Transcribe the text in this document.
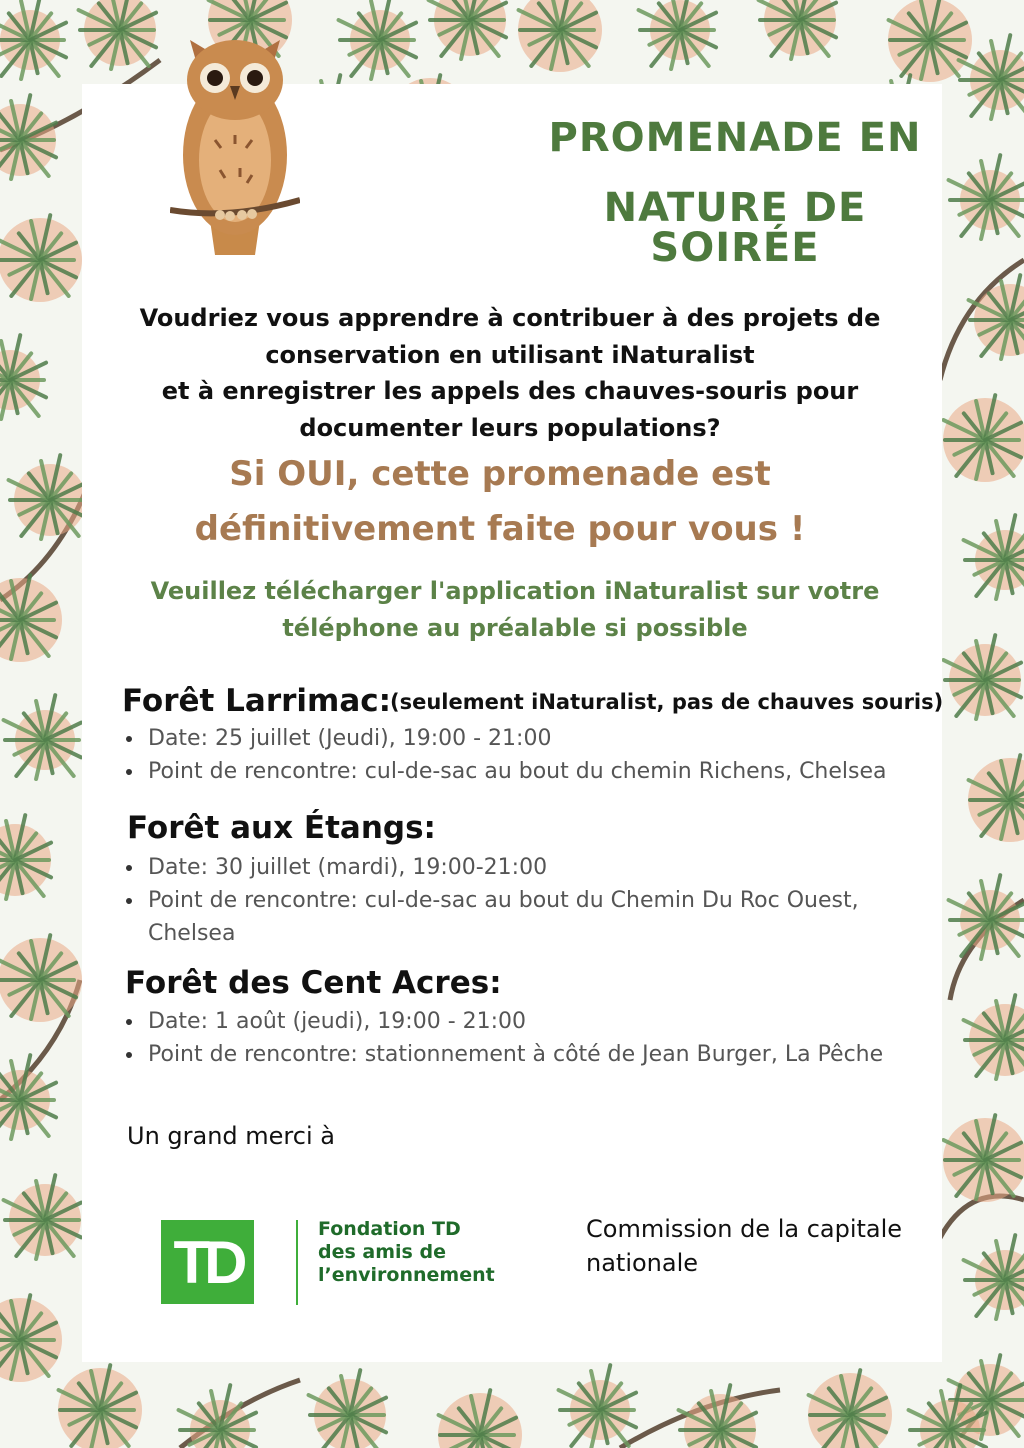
PROMENADE EN
NATURE DE SOIRÉE
Voudriez vous apprendre à contribuer à des projets de
conservation en utilisant iNaturalist
et à enregistrer les appels des chauves-souris pour
documenter leurs populations?
Si OUI, cette promenade est
définitivement faite pour vous !
Veuillez télécharger l'application iNaturalist sur votre
téléphone au préalable si possible
Forêt Larrimac:
(seulement iNaturalist, pas de chauves souris)
Date: 25 juillet (Jeudi), 19:00 - 21:00
Point de rencontre: cul-de-sac au bout du chemin Richens, Chelsea
Forêt aux Étangs:
Date: 30 juillet (mardi), 19:00-21:00
Point de rencontre: cul-de-sac au bout du Chemin Du Roc Ouest, Chelsea
Forêt des Cent Acres:
Date: 1 août (jeudi), 19:00 - 21:00
Point de rencontre: stationnement à côté de Jean Burger, La Pêche
Un grand merci à
TD	Fondation TD
des amis de
l’environnement
Commission de la capitale
nationale
